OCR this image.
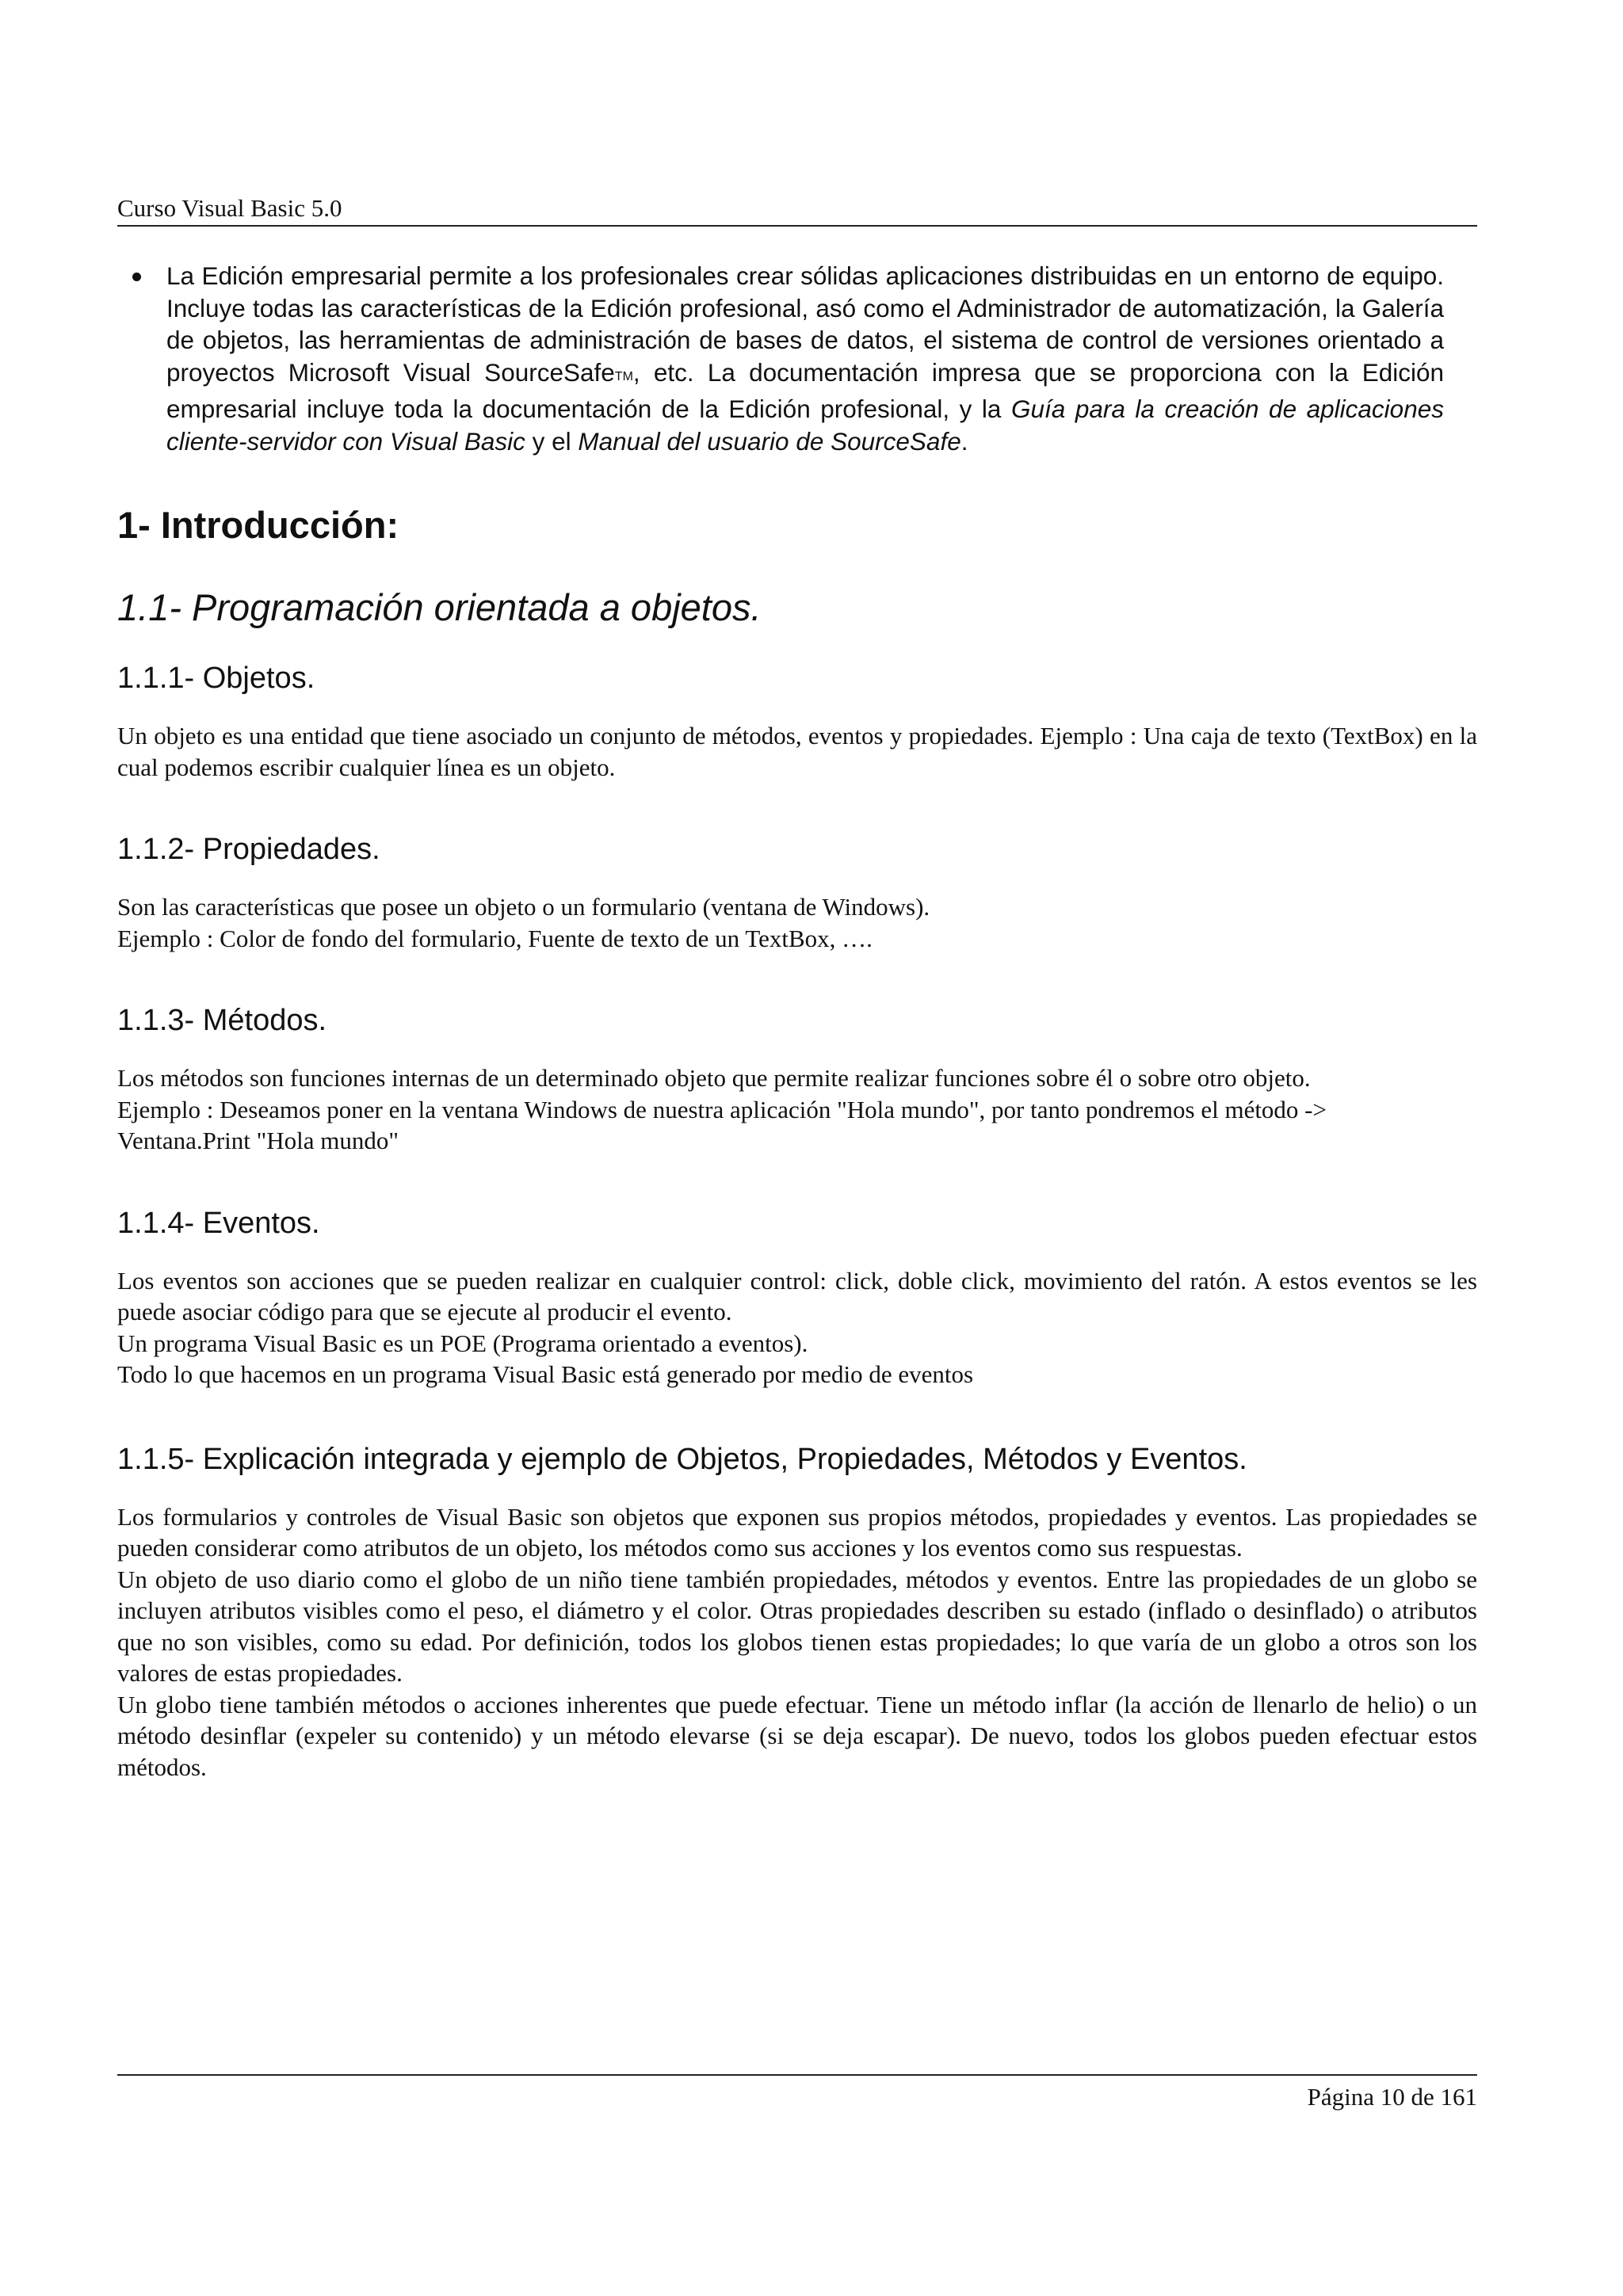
Curso Visual Basic 5.0
La Edición empresarial permite a los profesionales crear sólidas aplicaciones distribuidas en un entorno de equipo. Incluye todas las características de la Edición profesional, asó como el Administrador de automatización, la Galería de objetos, las herramientas de administración de bases de datos, el sistema de control de versiones orientado a proyectos Microsoft Visual SourceSafeTM, etc. La documentación impresa que se proporciona con la Edición empresarial incluye toda la documentación de la Edición profesional, y la Guía para la creación de aplicaciones cliente-servidor con Visual Basic y el Manual del usuario de SourceSafe.
1- Introducción:
1.1- Programación orientada a objetos.
1.1.1- Objetos.

Un objeto es una entidad que tiene asociado un conjunto de métodos, eventos y propiedades. Ejemplo : Una caja de texto (TextBox) en la cual podemos escribir cualquier línea es un objeto.

1.1.2- Propiedades.

Son las características que posee un objeto o un formulario (ventana de Windows).

Ejemplo : Color de fondo del formulario, Fuente de texto de un TextBox, ….

1.1.3- Métodos.

Los métodos son funciones internas de un determinado objeto que permite realizar funciones sobre él o sobre otro objeto.

Ejemplo : Deseamos poner en la ventana Windows de nuestra aplicación "Hola mundo", por tanto pondremos el método ->

Ventana.Print "Hola mundo"

1.1.4- Eventos.

Los eventos son acciones que se pueden realizar en cualquier control: click, doble click, movimiento del ratón. A estos eventos se les puede asociar código para que se ejecute al producir el evento.

Un programa Visual Basic es un POE (Programa orientado a eventos).

Todo lo que hacemos en un programa Visual Basic está generado por medio de eventos

1.1.5- Explicación integrada y ejemplo de Objetos, Propiedades, Métodos y Eventos.

Los formularios y controles de Visual Basic son objetos que exponen sus propios métodos, propiedades y eventos. Las propiedades se pueden considerar como atributos de un objeto, los métodos como sus acciones y los eventos como sus respuestas.

Un objeto de uso diario como el globo de un niño tiene también propiedades, métodos y eventos. Entre las propiedades de un globo se incluyen atributos visibles como el peso, el diámetro y el color. Otras propiedades describen su estado (inflado o desinflado) o atributos que no son visibles, como su edad. Por definición, todos los globos tienen estas propiedades; lo que varía de un globo a otros son los valores de estas propiedades.

Un globo tiene también métodos o acciones inherentes que puede efectuar. Tiene un método inflar (la acción de llenarlo de helio) o un método desinflar (expeler su contenido) y un método elevarse (si se deja escapar). De nuevo, todos los globos pueden efectuar estos métodos.

Página 10 de 161
